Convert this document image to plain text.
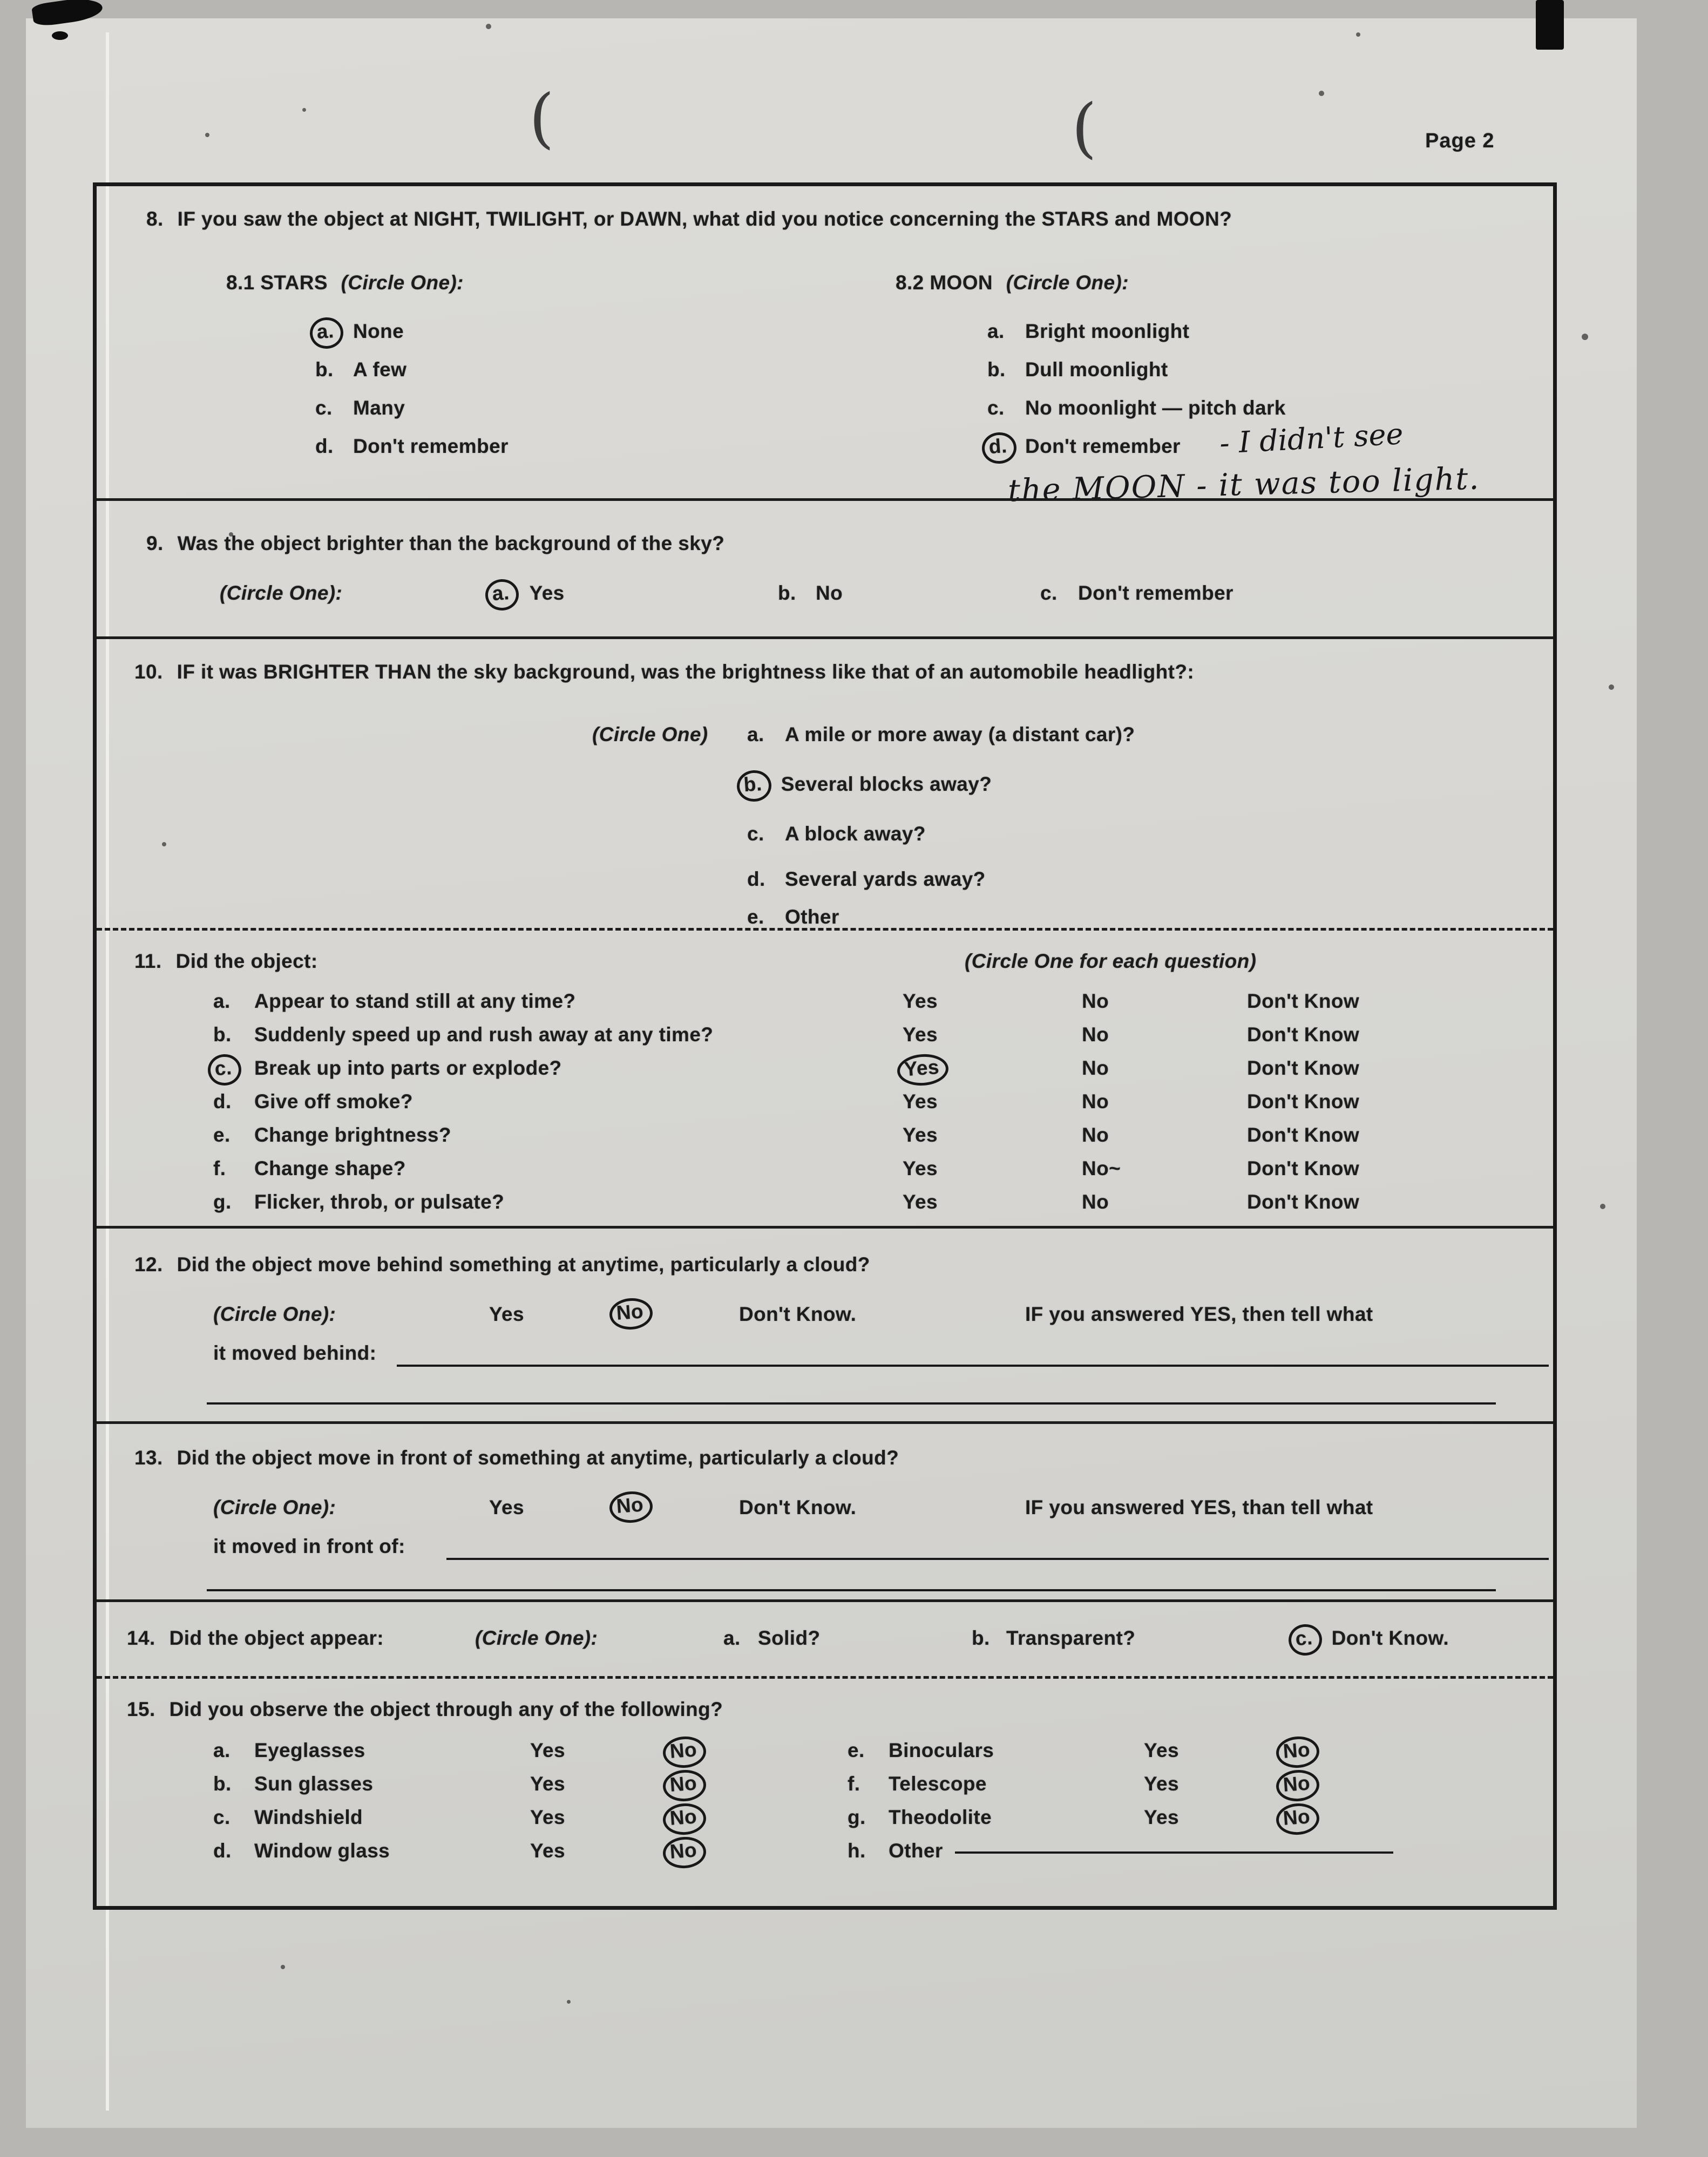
(	(	Page 2
8. IF you saw the object at NIGHT, TWILIGHT, or DAWN, what did you notice concerning the STARS and MOON?
8.1 STARS (Circle One):	8.2 MOON (Circle One):
a. None
b. A few
c. Many
d. Don't remember
a. Bright moonlight
b. Dull moonlight
c. No moonlight — pitch dark
d. Don't remember	- I didn't see
the MOON - it was too light.
9. Was the object brighter than the background of the sky?
(Circle One):	a. Yes	b. No	c. Don't remember
10. IF it was BRIGHTER THAN the sky background, was the brightness like that of an automobile headlight?:
(Circle One) a. A mile or more away (a distant car)?
b. Several blocks away?
c. A block away?
d. Several yards away?
e. Other
11. Did the object:	(Circle One for each question)
a.	Appear to stand still at any time?	Yes	No	Don't Know
b.	Suddenly speed up and rush away at any time?	Yes	No	Don't Know
c.	Break up into parts or explode?	Yes	No	Don't Know
d.	Give off smoke?	Yes	No	Don't Know
e.	Change brightness?	Yes	No	Don't Know
f.	Change shape?	Yes	No~	Don't Know
g.	Flicker, throb, or pulsate?	Yes	No	Don't Know
12. Did the object move behind something at anytime, particularly a cloud?
(Circle One):	Yes	No	Don't Know.	IF you answered YES, then tell what
it moved behind:
13. Did the object move in front of something at anytime, particularly a cloud?
(Circle One):	Yes	No	Don't Know.	IF you answered YES, than tell what
it moved in front of:
14. Did the object appear:	(Circle One):	a. Solid?	b. Transparent?	c. Don't Know.
15. Did you observe the object through any of the following?
a.	Eyeglasses	Yes	No
b.	Sun glasses	Yes	No
c.	Windshield	Yes	No
d.	Window glass	Yes	No
e.	Binoculars	Yes	No
f.	Telescope	Yes	No
g.	Theodolite	Yes	No
h.	Other
